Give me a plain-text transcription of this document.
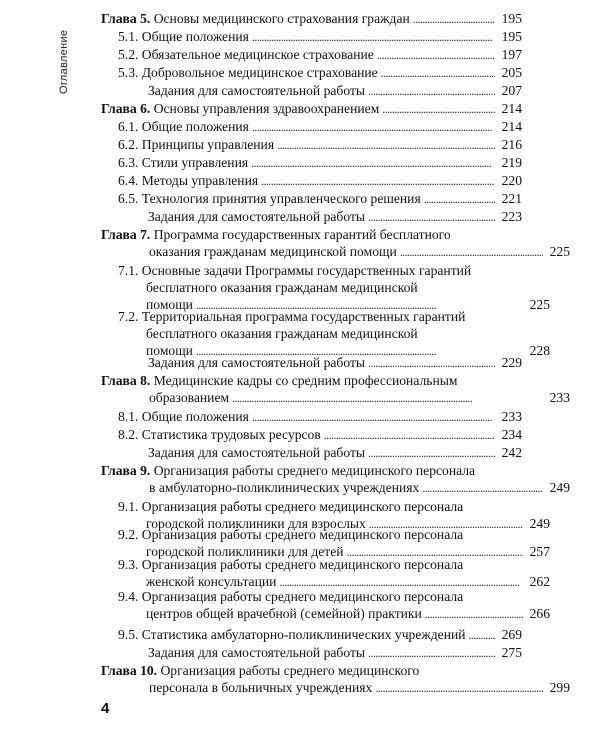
Оглавление
Глава 5. Основы медицинского страхования граждан . . .	195
5.1. Общие положения . . .	195
5.2. Обязательное медицинское страхование . . .	197
5.3. Добровольное медицинское страхование . . .	205
Задания для самостоятельной работы . . .	207
Глава 6. Основы управления здравоохранением . . .	214
6.1. Общие положения . . .	214
6.2. Принципы управления . . .	216
6.3. Стили управления . . .	219
6.4. Методы управления . . .	220
6.5. Технология принятия управленческого решения . . .	221
Задания для самостоятельной работы . . .	223
Глава 7. Программа государственных гарантий бесплатного
оказания гражданам медицинской помощи . . .	225
7.1. Основные задачи Программы государственных гарантий
бесплатного оказания гражданам медицинской
помощи . . .	225
7.2. Территориальная программа государственных гарантий
бесплатного оказания гражданам медицинской
помощи . . .	228
Задания для самостоятельной работы . . .	229
Глава 8. Медицинские кадры со средним профессиональным
образованием . . .	233
8.1. Общие положения . . .	233
8.2. Статистика трудовых ресурсов . . .	234
Задания для самостоятельной работы . . .	242
Глава 9. Организация работы среднего медицинского персонала
в амбулаторно-поликлинических учреждениях . . .	249
9.1. Организация работы среднего медицинского персонала
городской поликлиники для взрослых . . .	249
9.2. Организация работы среднего медицинского персонала
городской поликлиники для детей . . .	257
9.3. Организация работы среднего медицинского персонала
женской консультации . . .	262
9.4. Организация работы среднего медицинского персонала
центров общей врачебной (семейной) практики . . .	266
9.5. Статистика амбулаторно-поликлинических учреждений . . .	269
Задания для самостоятельной работы . . .	275
Глава 10. Организация работы среднего медицинского
персонала в больничных учреждениях . . .	299
4
